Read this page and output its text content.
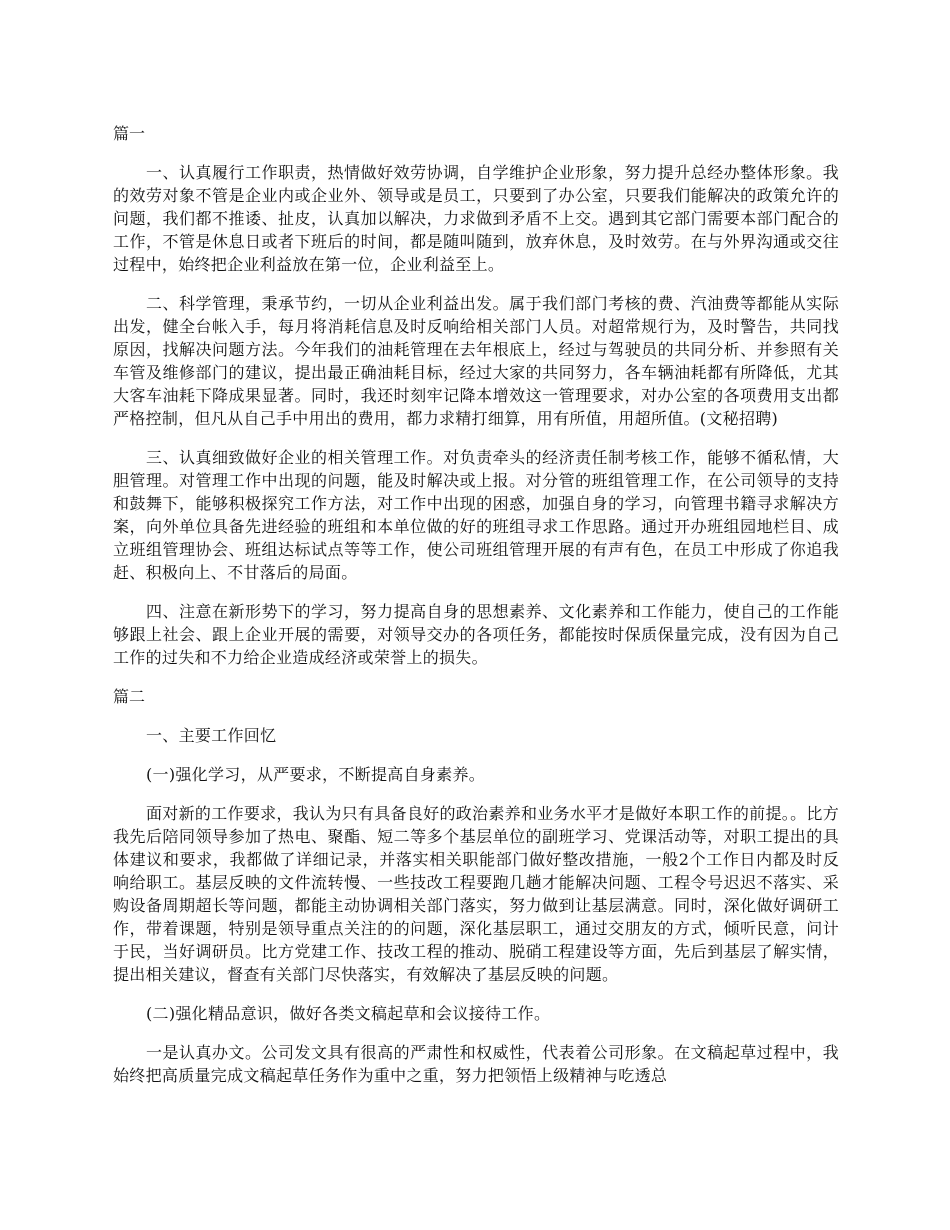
篇一

一、认真履行工作职责，热情做好效劳协调，自学维护企业形象，努力提升总经办整体形象。我的效劳对象不管是企业内或企业外、领导或是员工，只要到了办公室，只要我们能解决的政策允许的问题，我们都不推诿、扯皮，认真加以解决，力求做到矛盾不上交。遇到其它部门需要本部门配合的工作，不管是休息日或者下班后的时间，都是随叫随到，放弃休息，及时效劳。在与外界沟通或交往过程中，始终把企业利益放在第一位，企业利益至上。

二、科学管理，秉承节约，一切从企业利益出发。属于我们部门考核的费、汽油费等都能从实际出发，健全台帐入手，每月将消耗信息及时反响给相关部门人员。对超常规行为，及时警告，共同找原因，找解决问题方法。今年我们的油耗管理在去年根底上，经过与驾驶员的共同分析、并参照有关车管及维修部门的建议，提出最正确油耗目标，经过大家的共同努力，各车辆油耗都有所降低，尤其大客车油耗下降成果显著。同时，我还时刻牢记降本增效这一管理要求，对办公室的各项费用支出都严格控制，但凡从自己手中用出的费用，都力求精打细算，用有所值，用超所值。(文秘招聘)

三、认真细致做好企业的相关管理工作。对负责牵头的经济责任制考核工作，能够不循私情，大胆管理。对管理工作中出现的问题，能及时解决或上报。对分管的班组管理工作，在公司领导的支持和鼓舞下，能够积极探究工作方法，对工作中出现的困惑，加强自身的学习，向管理书籍寻求解决方案，向外单位具备先进经验的班组和本单位做的好的班组寻求工作思路。通过开办班组园地栏目、成立班组管理协会、班组达标试点等等工作，使公司班组管理开展的有声有色，在员工中形成了你追我赶、积极向上、不甘落后的局面。

四、注意在新形势下的学习，努力提高自身的思想素养、文化素养和工作能力，使自己的工作能够跟上社会、跟上企业开展的需要，对领导交办的各项任务，都能按时保质保量完成，没有因为自己工作的过失和不力给企业造成经济或荣誉上的损失。

篇二

一、主要工作回忆

(一)强化学习，从严要求，不断提高自身素养。

面对新的工作要求，我认为只有具备良好的政治素养和业务水平才是做好本职工作的前提。。比方我先后陪同领导参加了热电、聚酯、短二等多个基层单位的副班学习、党课活动等，对职工提出的具体建议和要求，我都做了详细记录，并落实相关职能部门做好整改措施，一般2个工作日内都及时反响给职工。基层反映的文件流转慢、一些技改工程要跑几趟才能解决问题、工程令号迟迟不落实、采购设备周期超长等问题，都能主动协调相关部门落实，努力做到让基层满意。同时，深化做好调研工作，带着课题，特别是领导重点关注的的问题，深化基层职工，通过交朋友的方式，倾听民意，问计于民，当好调研员。比方党建工作、技改工程的推动、脱硝工程建设等方面，先后到基层了解实情，提出相关建议，督查有关部门尽快落实，有效解决了基层反映的问题。

(二)强化精品意识，做好各类文稿起草和会议接待工作。

一是认真办文。公司发文具有很高的严肃性和权威性，代表着公司形象。在文稿起草过程中，我始终把高质量完成文稿起草任务作为重中之重，努力把领悟上级精神与吃透总
